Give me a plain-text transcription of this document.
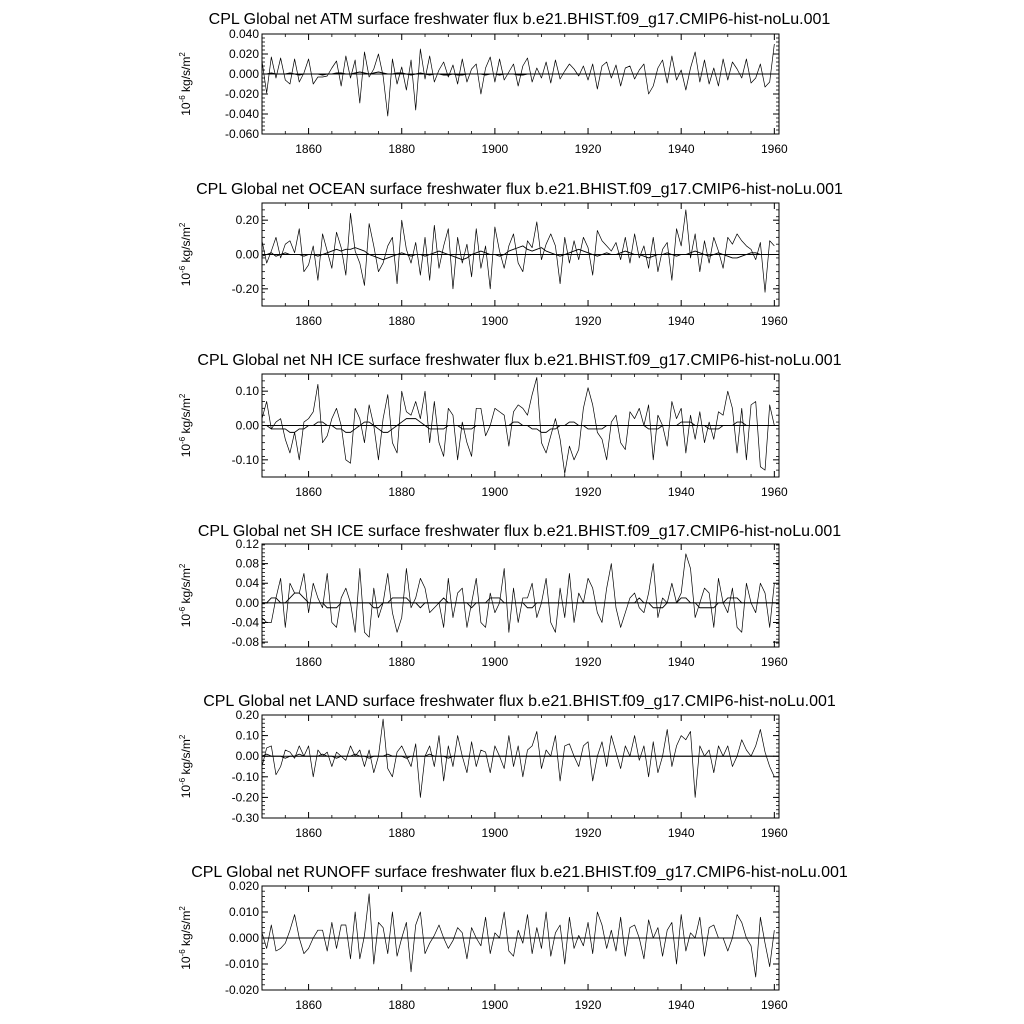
CPL Global net ATM surface freshwater flux b.e21.BHIST.f09_g17.CMIP6-hist-noLu.001
-0.060
-0.040
-0.020
0.000
0.020
0.040
1860	1880	1900	1920	1940	1960
$10^{-6}$ $kg/s/m^2$
CPL Global net OCEAN surface freshwater flux b.e21.BHIST.f09_g17.CMIP6-hist-noLu.001
-0.20
0.00
0.20
1860	1880	1900	1920	1940	1960
$10^{-6}$ $kg/s/m^2$
CPL Global net NH ICE surface freshwater flux b.e21.BHIST.f09_g17.CMIP6-hist-noLu.001
-0.10
0.00
0.10
1860	1880	1900	1920	1940	1960
$10^{-6}$ $kg/s/m^2$
CPL Global net SH ICE surface freshwater flux b.e21.BHIST.f09_g17.CMIP6-hist-noLu.001
-0.08
-0.04
0.00
0.04
0.08
0.12
1860	1880	1900	1920	1940	1960
$10^{-6}$ $kg/s/m^2$
CPL Global net LAND surface freshwater flux b.e21.BHIST.f09_g17.CMIP6-hist-noLu.001
-0.30
-0.20
-0.10
0.00
0.10
0.20
1860	1880	1900	1920	1940	1960
$10^{-6}$ $kg/s/m^2$
CPL Global net RUNOFF surface freshwater flux b.e21.BHIST.f09_g17.CMIP6-hist-noLu.001
-0.020
-0.010
0.000
0.010
0.020
1860	1880	1900	1920	1940	1960
$10^{-6}$ $kg/s/m^2$
